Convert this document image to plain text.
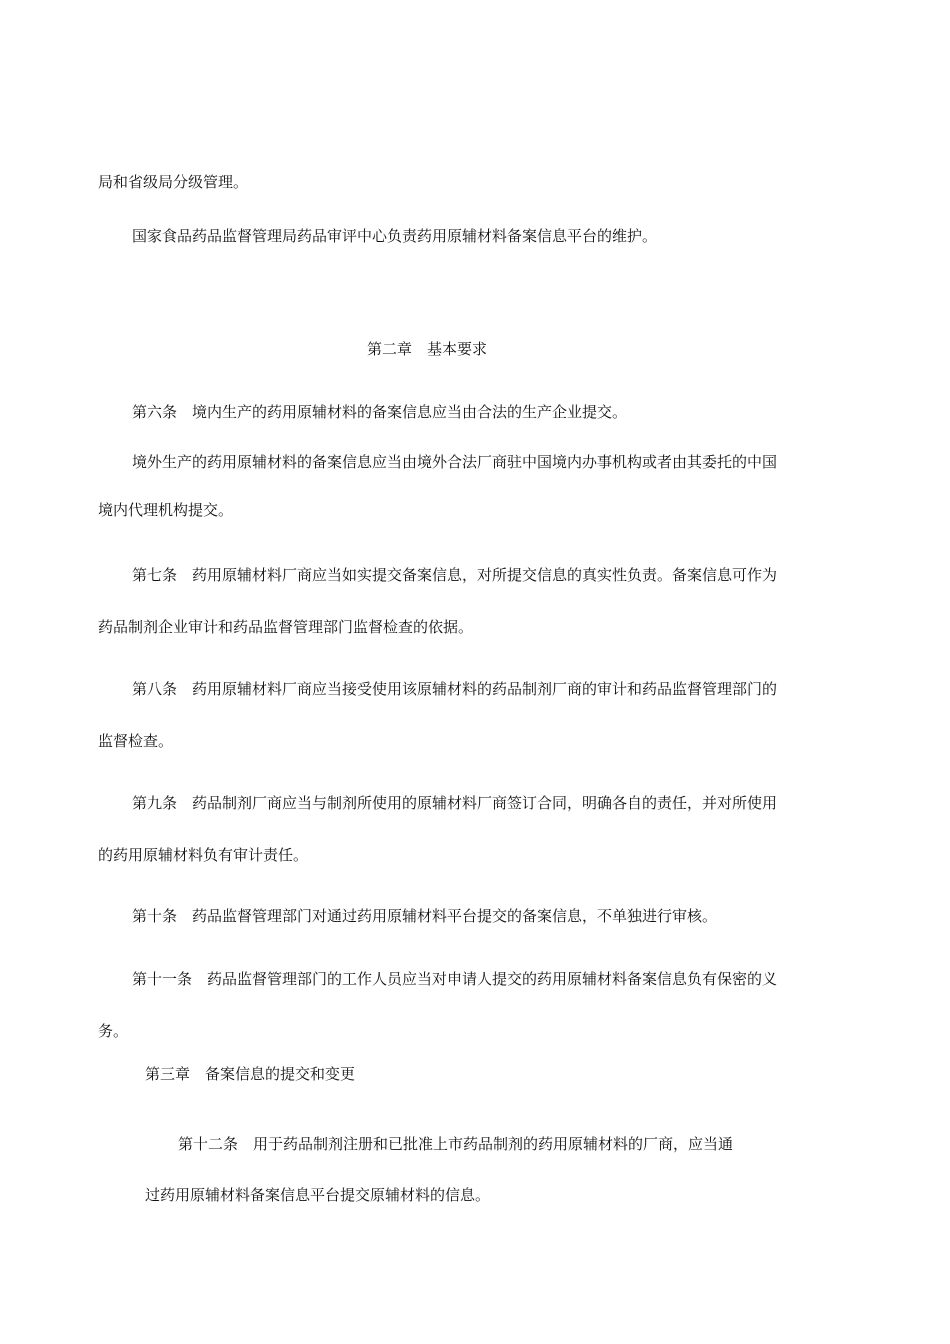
局和省级局分级管理。
国家食品药品监督管理局药品审评中心负责药用原辅材料备案信息平台的维护。
第二章　基本要求
第六条　境内生产的药用原辅材料的备案信息应当由合法的生产企业提交。
境外生产的药用原辅材料的备案信息应当由境外合法厂商驻中国境内办事机构或者由其委托的中国
境内代理机构提交。
第七条　药用原辅材料厂商应当如实提交备案信息，对所提交信息的真实性负责。备案信息可作为
药品制剂企业审计和药品监督管理部门监督检查的依据。
第八条　药用原辅材料厂商应当接受使用该原辅材料的药品制剂厂商的审计和药品监督管理部门的
监督检查。
第九条　药品制剂厂商应当与制剂所使用的原辅材料厂商签订合同，明确各自的责任，并对所使用
的药用原辅材料负有审计责任。
第十条　药品监督管理部门对通过药用原辅材料平台提交的备案信息，不单独进行审核。
第十一条　药品监督管理部门的工作人员应当对申请人提交的药用原辅材料备案信息负有保密的义
务。
第三章　备案信息的提交和变更
第十二条　用于药品制剂注册和已批准上市药品制剂的药用原辅材料的厂商，应当通
过药用原辅材料备案信息平台提交原辅材料的信息。
